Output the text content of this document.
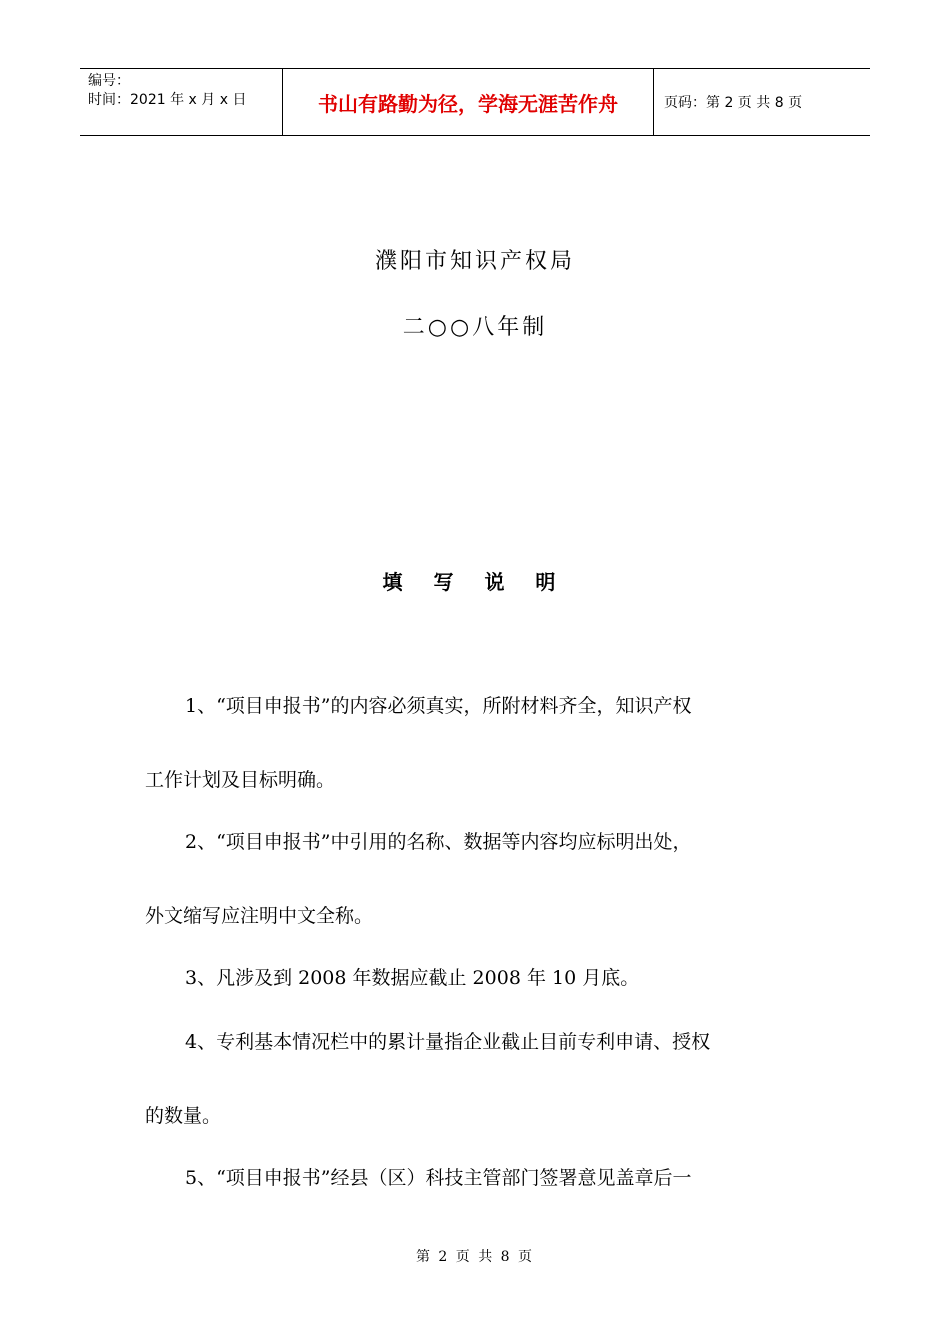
编号：
时间：2021 年 x 月 x 日	书山有路勤为径，学海无涯苦作舟	页码：第 2 页 共 8 页
濮阳市知识产权局
二○○八年制
填 写 说 明
1、“项目申报书”的内容必须真实，所附材料齐全，知识产权
工作计划及目标明确。
2、“项目申报书”中引用的名称、数据等内容均应标明出处，
外文缩写应注明中文全称。
3、凡涉及到 2008 年数据应截止 2008 年 10 月底。
4、专利基本情况栏中的累计量指企业截止目前专利申请、授权
的数量。
5、“项目申报书”经县（区）科技主管部门签署意见盖章后一
第 2 页 共 8 页
